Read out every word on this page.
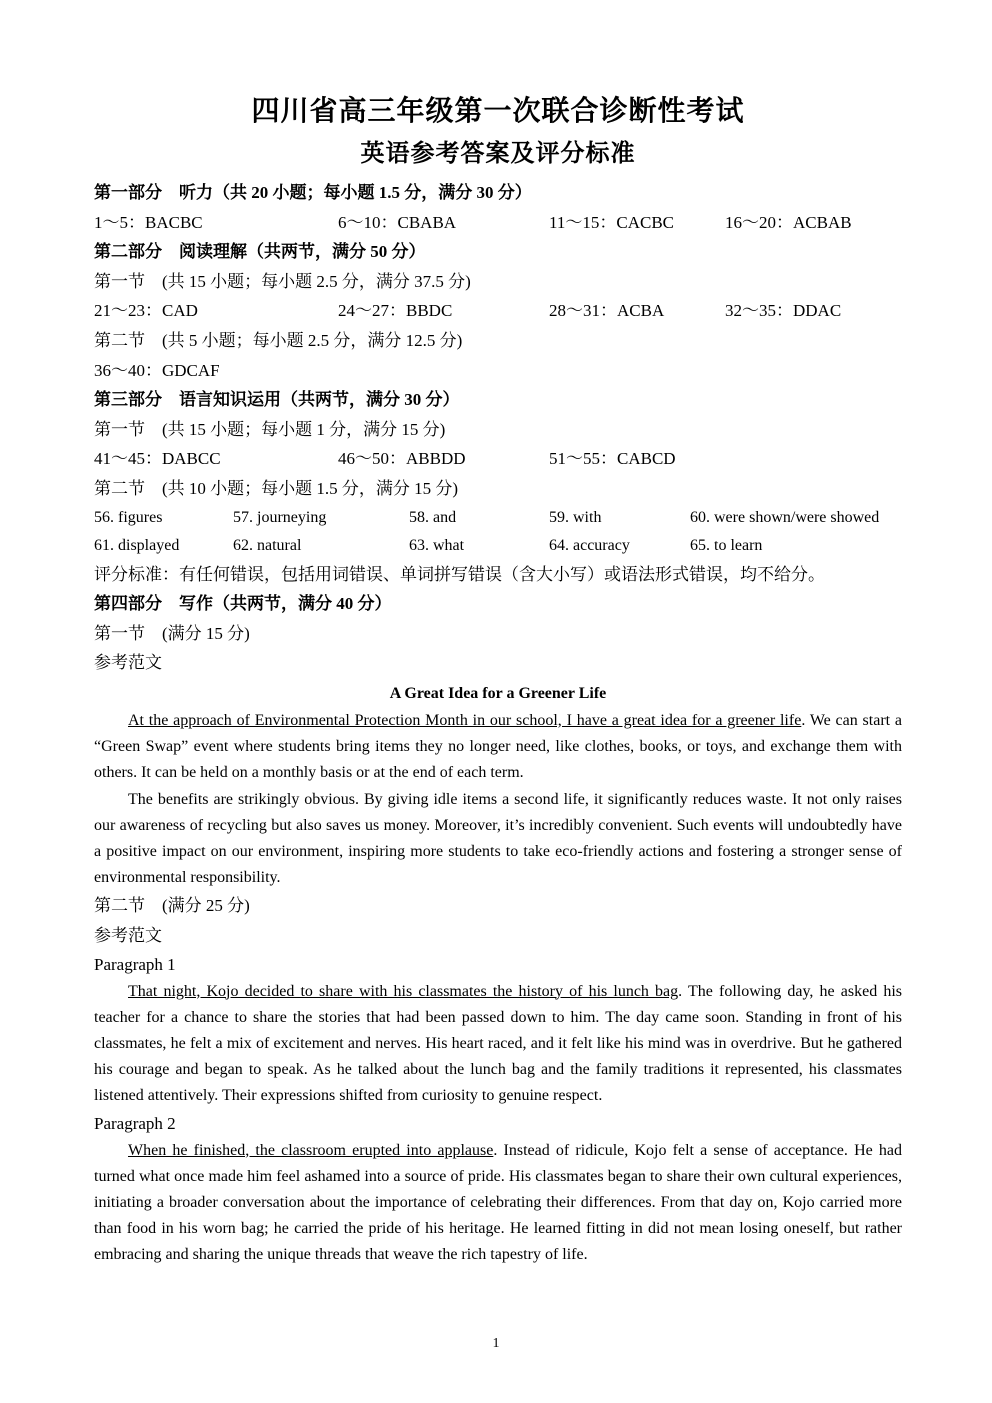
四川省高三年级第一次联合诊断性考试
英语参考答案及评分标准
第一部分　听力（共 20 小题；每小题 1.5 分，满分 30 分）
1～5：BACBC	6～10：CBABA	11～15：CACBC	16～20：ACBAB
第二部分　阅读理解（共两节，满分 50 分）
第一节　(共 15 小题；每小题 2.5 分，满分 37.5 分)
21～23：CAD	24～27：BBDC	28～31：ACBA	32～35：DDAC
第二节　(共 5 小题；每小题 2.5 分，满分 12.5 分)
36～40：GDCAF
第三部分　语言知识运用（共两节，满分 30 分）
第一节　(共 15 小题；每小题 1 分，满分 15 分)
41～45：DABCC	46～50：ABBDD	51～55：CABCD
第二节　(共 10 小题；每小题 1.5 分，满分 15 分)
56. figures	57. journeying	58. and	59. with	60. were shown/were showed
61. displayed	62. natural	63. what	64. accuracy	65. to learn
评分标准：有任何错误，包括用词错误、单词拼写错误（含大小写）或语法形式错误，均不给分。
第四部分　写作（共两节，满分 40 分）
第一节　(满分 15 分)
参考范文
A Great Idea for a Greener Life

At the approach of Environmental Protection Month in our school, I have a great idea for a greener life. We can start a “Green Swap” event where students bring items they no longer need, like clothes, books, or toys, and exchange them with others. It can be held on a monthly basis or at the end of each term.

The benefits are strikingly obvious. By giving idle items a second life, it significantly reduces waste. It not only raises our awareness of recycling but also saves us money. Moreover, it’s incredibly convenient. Such events will undoubtedly have a positive impact on our environment, inspiring more students to take eco-friendly actions and fostering a stronger sense of environmental responsibility.

第二节　(满分 25 分)
参考范文
Paragraph 1

That night, Kojo decided to share with his classmates the history of his lunch bag. The following day, he asked his teacher for a chance to share the stories that had been passed down to him. The day came soon. Standing in front of his classmates, he felt a mix of excitement and nerves. His heart raced, and it felt like his mind was in overdrive. But he gathered his courage and began to speak. As he talked about the lunch bag and the family traditions it represented, his classmates listened attentively. Their expressions shifted from curiosity to genuine respect.

Paragraph 2

When he finished, the classroom erupted into applause. Instead of ridicule, Kojo felt a sense of acceptance. He had turned what once made him feel ashamed into a source of pride. His classmates began to share their own cultural experiences, initiating a broader conversation about the importance of celebrating their differences. From that day on, Kojo carried more than food in his worn bag; he carried the pride of his heritage. He learned fitting in did not mean losing oneself, but rather embracing and sharing the unique threads that weave the rich tapestry of life.

1
